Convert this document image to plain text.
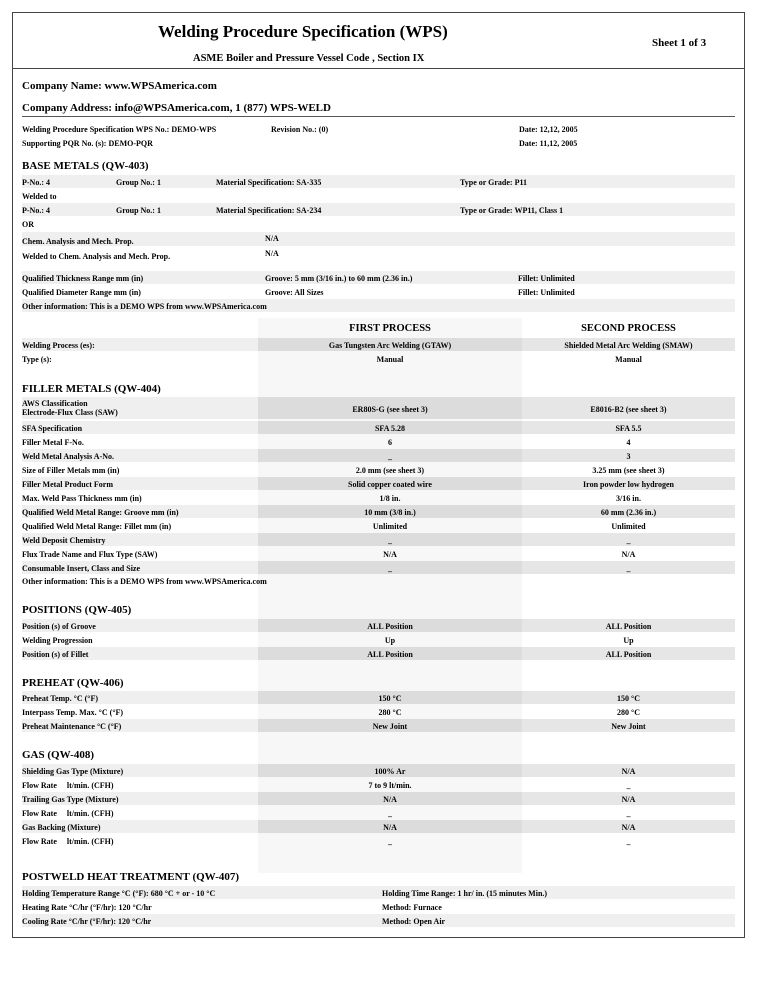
Welding Procedure Specification (WPS)
ASME Boiler and Pressure Vessel Code , Section IX
Sheet 1 of 3
Company Name: www.WPSAmerica.com
Company Address: info@WPSAmerica.com, 1 (877) WPS-WELD
Welding Procedure Specification WPS No.: DEMO-WPS	Revision No.: (0)	Date: 12,12, 2005
Supporting PQR No. (s): DEMO-PQR	Date: 11,12, 2005
BASE METALS (QW-403)
P-No.: 4	Group No.: 1	Material Specification: SA-335	Type or Grade: P11
Welded to
P-No.: 4	Group No.: 1	Material Specification: SA-234	Type or Grade: WP11, Class 1
OR
Chem. Analysis and Mech. Prop.	N/A
Welded to Chem. Analysis and Mech. Prop.	N/A
Qualified Thickness Range mm (in)	Groove: 5 mm (3/16 in.) to 60 mm (2.36 in.)	Fillet: Unlimited
Qualified Diameter Range mm (in)	Groove: All Sizes	Fillet: Unlimited
Other information: This is a DEMO WPS from www.WPSAmerica.com
FIRST PROCESS	SECOND PROCESS
Welding Process (es):	Gas Tungsten Arc Welding (GTAW)	Shielded Metal Arc Welding (SMAW)
Type (s):	Manual	Manual
FILLER METALS (QW-404)
AWS Classification
Electrode-Flux Class (SAW)	ER80S-G (see sheet 3)	E8016-B2 (see sheet 3)
SFA Specification	SFA 5.28	SFA 5.5
Filler Metal F-No.	6	4
Weld Metal Analysis A-No.	_	3
Size of Filler Metals mm (in)	2.0 mm (see sheet 3)	3.25 mm (see sheet 3)
Filler Metal Product Form	Solid copper coated wire	Iron powder low hydrogen
Max. Weld Pass Thickness mm (in)	1/8 in.	3/16 in.
Qualified Weld Metal Range: Groove mm (in)	10 mm (3/8 in.)	60 mm (2.36 in.)
Qualified Weld Metal Range: Fillet mm (in)	Unlimited	Unlimited
Weld Deposit Chemistry	_	_
Flux Trade Name and Flux Type (SAW)	N/A	N/A
Consumable Insert, Class and Size	_	_
Other information: This is a DEMO WPS from www.WPSAmerica.com
POSITIONS (QW-405)
Position (s) of Groove	ALL Position	ALL Position
Welding Progression	Up	Up
Position (s) of Fillet	ALL Position	ALL Position
PREHEAT (QW-406)
Preheat Temp. °C (°F)	150 °C	150 °C
Interpass Temp. Max. °C (°F)	280 °C	280 °C
Preheat Maintenance °C (°F)	New Joint	New Joint
GAS (QW-408)
Shielding Gas Type (Mixture)	100% Ar	N/A
Flow Rate     lt/min. (CFH)	7 to 9 lt/min.	_
Trailing Gas Type (Mixture)	N/A	N/A
Flow Rate     lt/min. (CFH)	_	_
Gas Backing (Mixture)	N/A	N/A
Flow Rate     lt/min. (CFH)	_	_
POSTWELD HEAT TREATMENT (QW-407)
Holding Temperature Range °C (°F): 680 °C + or - 10 °C	Holding Time Range: 1 hr/ in. (15 minutes Min.)
Heating Rate °C/hr (°F/hr): 120 °C/hr	Method: Furnace
Cooling Rate °C/hr (°F/hr): 120 °C/hr	Method: Open Air
